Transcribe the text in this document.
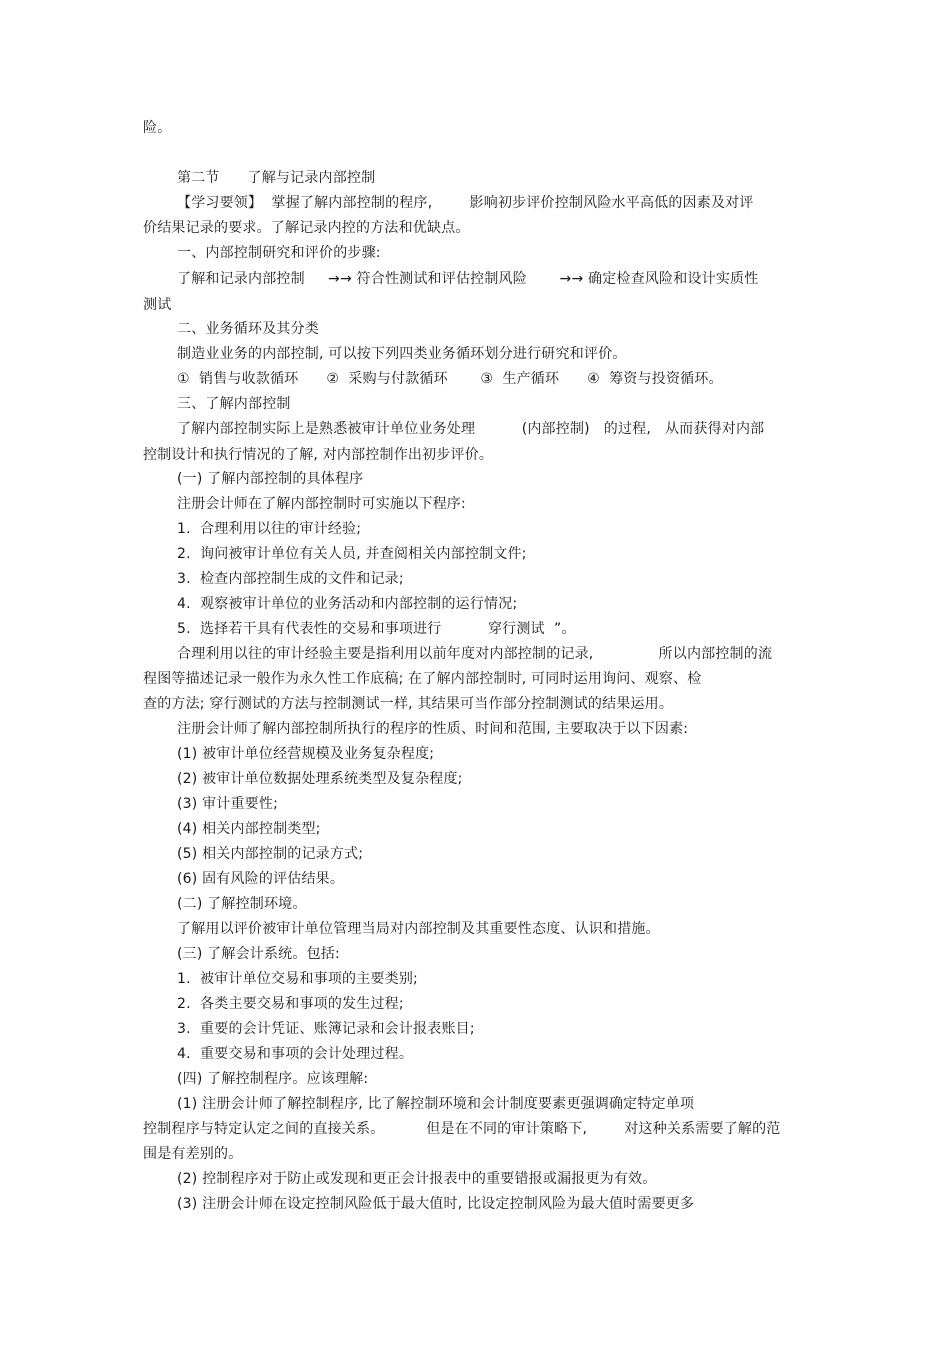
险。
第二节      了解与记录内部控制
【学习要领】  掌握了解内部控制的程序,        影响初步评价控制风险水平高低的因素及对评
价结果记录的要求。了解记录内控的方法和优缺点。
一、内部控制研究和评价的步骤:
了解和记录内部控制     →→ 符合性测试和评估控制风险       →→ 确定检查风险和设计实质性
测试
二、业务循环及其分类
制造业业务的内部控制, 可以按下列四类业务循环划分进行研究和评价。
①  销售与收款循环      ②  采购与付款循环       ③  生产循环      ④  筹资与投资循环。
三、了解内部控制
了解内部控制实际上是熟悉被审计单位业务处理          (内部控制)   的过程,   从而获得对内部
控制设计和执行情况的了解, 对内部控制作出初步评价。
(一) 了解内部控制的具体程序
注册会计师在了解内部控制时可实施以下程序:
1.  合理利用以往的审计经验;
2.  询问被审计单位有关人员, 并查阅相关内部控制文件;
3.  检查内部控制生成的文件和记录;
4.  观察被审计单位的业务活动和内部控制的运行情况;
5.  选择若干具有代表性的交易和事项进行          穿行测试  ”。
合理利用以往的审计经验主要是指利用以前年度对内部控制的记录,              所以内部控制的流
程图等描述记录一般作为永久性工作底稿; 在了解内部控制时, 可同时运用询问、观察、检
查的方法; 穿行测试的方法与控制测试一样, 其结果可当作部分控制测试的结果运用。
注册会计师了解内部控制所执行的程序的性质、时间和范围, 主要取决于以下因素:
(1) 被审计单位经营规模及业务复杂程度;
(2) 被审计单位数据处理系统类型及复杂程度;
(3) 审计重要性;
(4) 相关内部控制类型;
(5) 相关内部控制的记录方式;
(6) 固有风险的评估结果。
(二) 了解控制环境。
了解用以评价被审计单位管理当局对内部控制及其重要性态度、认识和措施。
(三) 了解会计系统。包括:
1.  被审计单位交易和事项的主要类别;
2.  各类主要交易和事项的发生过程;
3.  重要的会计凭证、账簿记录和会计报表账目;
4.  重要交易和事项的会计处理过程。
(四) 了解控制程序。应该理解:
(1) 注册会计师了解控制程序, 比了解控制环境和会计制度要素更强调确定特定单项
控制程序与特定认定之间的直接关系。         但是在不同的审计策略下,        对这种关系需要了解的范
围是有差别的。
(2) 控制程序对于防止或发现和更正会计报表中的重要错报或漏报更为有效。
(3) 注册会计师在设定控制风险低于最大值时, 比设定控制风险为最大值时需要更多
